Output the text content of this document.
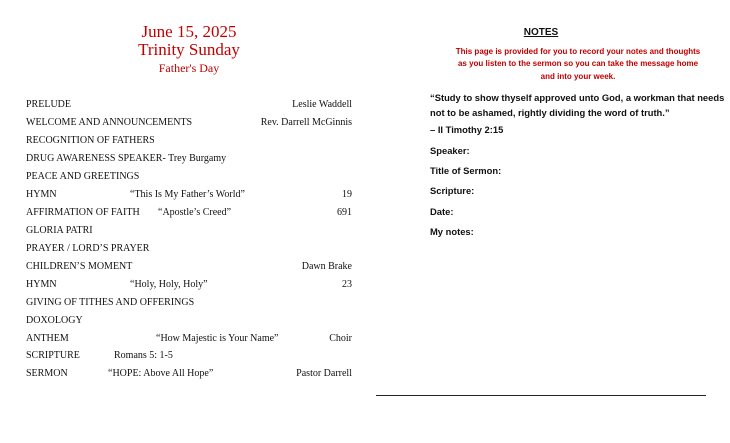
June 15, 2025
Trinity Sunday
Father's Day
PRELUDE	Leslie Waddell
WELCOME AND ANNOUNCEMENTS	Rev. Darrell McGinnis
RECOGNITION OF FATHERS
DRUG AWARENESS SPEAKER- Trey Burgamy
PEACE AND GREETINGS
HYMN	“This Is My Father’s World”	19
AFFIRMATION OF FAITH “Apostle’s Creed”	691
GLORIA PATRI
PRAYER / LORD’S PRAYER
CHILDREN’S MOMENT	Dawn Brake
HYMN	“Holy, Holy, Holy”	23
GIVING OF TITHES AND OFFERINGS
DOXOLOGY
ANTHEM	“How Majestic is Your Name”	Choir
SCRIPTURE	Romans 5: 1-5
SERMON	“HOPE: Above All Hope”	Pastor Darrell
NOTES
This page is provided for you to record your notes and thoughts as you listen to the sermon so you can take the message home and into your week.
“Study to show thyself approved unto God, a workman that needs not to be ashamed, rightly dividing the word of truth.”
– II Timothy 2:15
Speaker:
Title of Sermon:
Scripture:
Date:
My notes:
